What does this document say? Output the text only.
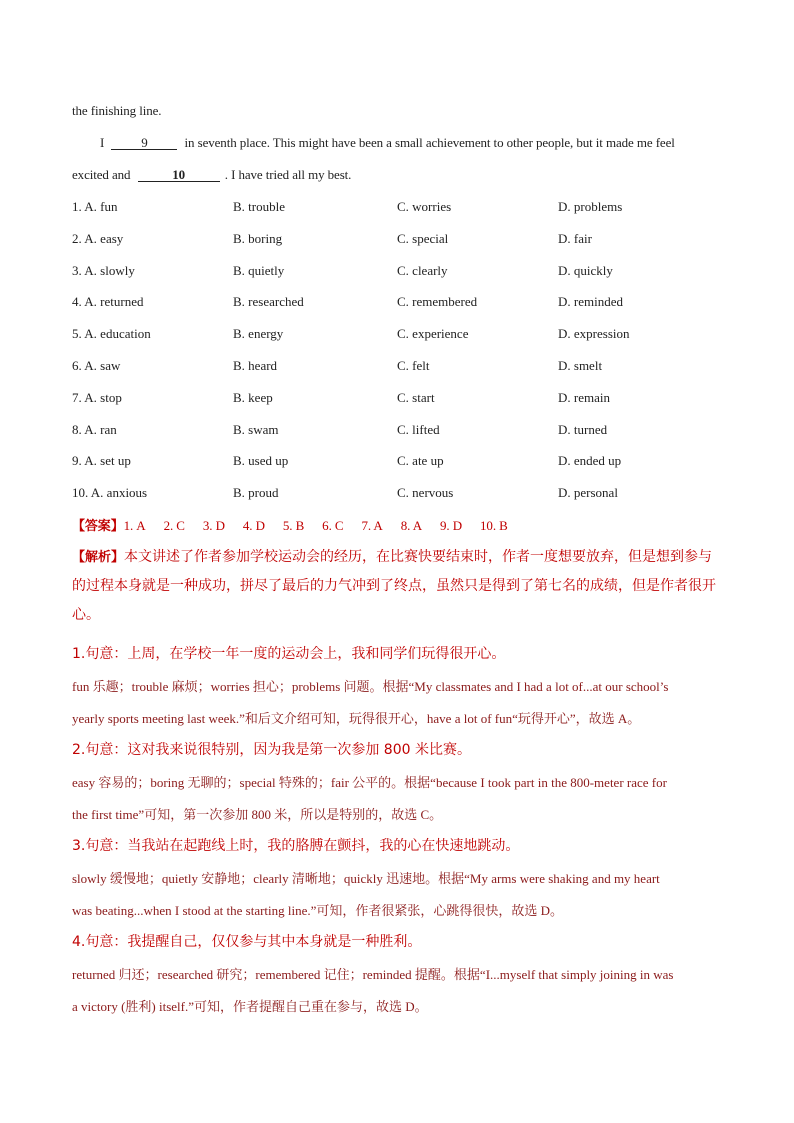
the finishing line.
I	9	in seventh place. This might have been a small achievement to other people, but it made me feel
excited and	10	. I have tried all my best.
1. A. fun	B. trouble	C. worries	D. problems
2. A. easy	B. boring	C. special	D. fair
3. A. slowly	B. quietly	C. clearly	D. quickly
4. A. returned	B. researched	C. remembered	D. reminded
5. A. education	B. energy	C. experience	D. expression
6. A. saw	B. heard	C. felt	D. smelt
7. A. stop	B. keep	C. start	D. remain
8. A. ran	B. swam	C. lifted	D. turned
9. A. set up	B. used up	C. ate up	D. ended up
10. A. anxious	B. proud	C. nervous	D. personal
【答案】1. A 2. C 3. D 4. D 5. B 6. C 7. A 8. A 9. D 10. B
【解析】本文讲述了作者参加学校运动会的经历，在比赛快要结束时，作者一度想要放弃，但是想到参与的过程本身就是一种成功，拼尽了最后的力气冲到了终点，虽然只是得到了第七名的成绩，但是作者很开心。
1.句意：上周，在学校一年一度的运动会上，我和同学们玩得很开心。
fun 乐趣；trouble 麻烦；worries 担心；problems 问题。根据“My classmates and I had a lot of...at our school’s
yearly sports meeting last week.”和后文介绍可知，玩得很开心，have a lot of fun“玩得开心”，故选 A。
2.句意：这对我来说很特别，因为我是第一次参加 800 米比赛。
easy 容易的；boring 无聊的；special 特殊的；fair 公平的。根据“because I took part in the 800-meter race for
the first time”可知，第一次参加 800 米，所以是特别的，故选 C。
3.句意：当我站在起跑线上时，我的胳膊在颤抖，我的心在快速地跳动。
slowly 缓慢地；quietly 安静地；clearly 清晰地；quickly 迅速地。根据“My arms were shaking and my heart
was beating...when I stood at the starting line.”可知，作者很紧张，心跳得很快，故选 D。
4.句意：我提醒自己，仅仅参与其中本身就是一种胜利。
returned 归还；researched 研究；remembered 记住；reminded 提醒。根据“I...myself that simply joining in was
a victory (胜利) itself.”可知，作者提醒自己重在参与，故选 D。
